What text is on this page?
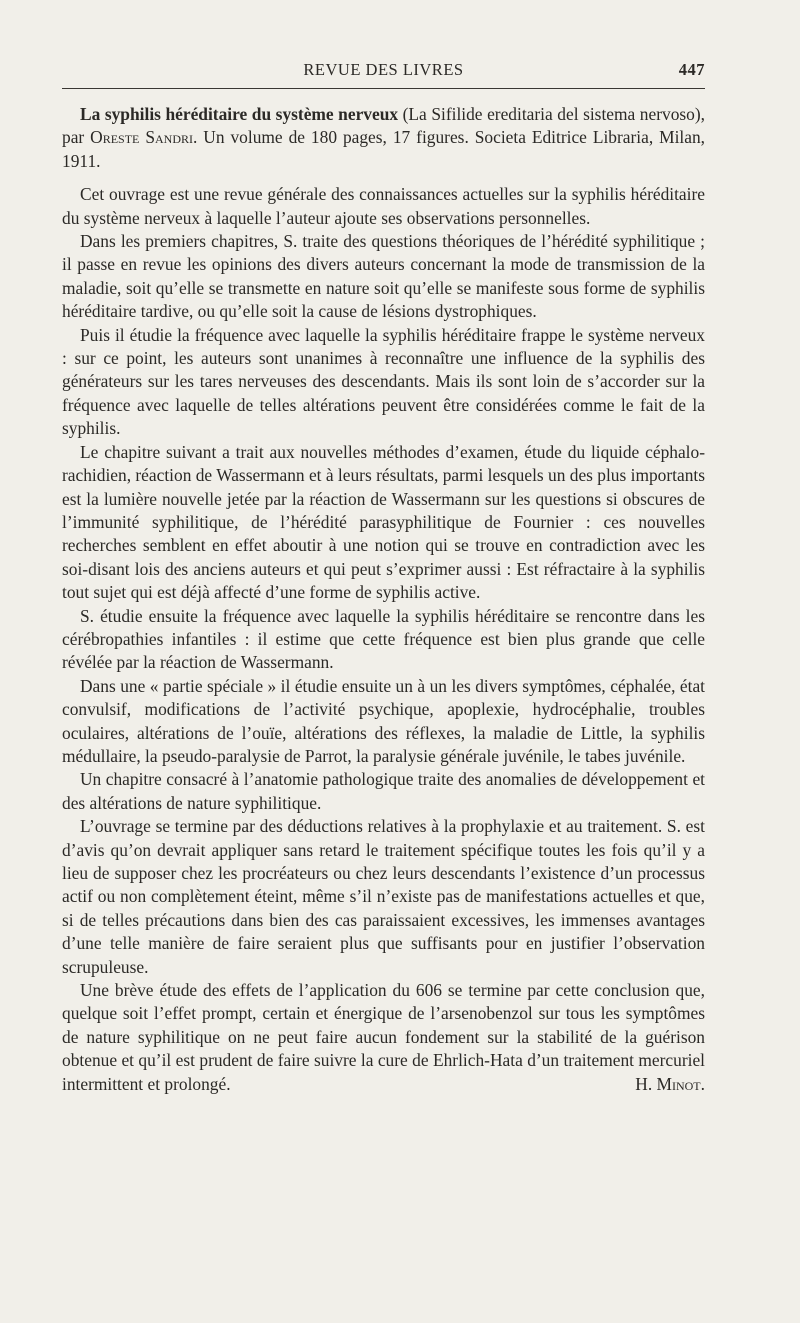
REVUE DES LIVRES	447

La syphilis héréditaire du système nerveux (La Sifilide ereditaria del sistema nervoso), par Oreste Sandri. Un volume de 180 pages, 17 figures. Societa Editrice Libraria, Milan, 1911.

Cet ouvrage est une revue générale des connaissances actuelles sur la syphilis héréditaire du système nerveux à laquelle l’auteur ajoute ses observations personnelles.

Dans les premiers chapitres, S. traite des questions théoriques de l’hérédité syphilitique ; il passe en revue les opinions des divers auteurs concernant la mode de transmission de la maladie, soit qu’elle se transmette en nature soit qu’elle se manifeste sous forme de syphilis héréditaire tardive, ou qu’elle soit la cause de lésions dystrophiques.

Puis il étudie la fréquence avec laquelle la syphilis héréditaire frappe le système nerveux : sur ce point, les auteurs sont unanimes à reconnaître une influence de la syphilis des générateurs sur les tares nerveuses des descendants. Mais ils sont loin de s’accorder sur la fréquence avec laquelle de telles altérations peuvent être considérées comme le fait de la syphilis.

Le chapitre suivant a trait aux nouvelles méthodes d’examen, étude du liquide céphalo-rachidien, réaction de Wassermann et à leurs résultats, parmi lesquels un des plus importants est la lumière nouvelle jetée par la réaction de Wassermann sur les questions si obscures de l’immunité syphilitique, de l’hérédité parasyphilitique de Fournier : ces nouvelles recherches semblent en effet aboutir à une notion qui se trouve en contradiction avec les soi-disant lois des anciens auteurs et qui peut s’exprimer aussi : Est réfractaire à la syphilis tout sujet qui est déjà affecté d’une forme de syphilis active.

S. étudie ensuite la fréquence avec laquelle la syphilis héréditaire se rencontre dans les cérébropathies infantiles : il estime que cette fréquence est bien plus grande que celle révélée par la réaction de Wassermann.

Dans une « partie spéciale » il étudie ensuite un à un les divers symptômes, céphalée, état convulsif, modifications de l’activité psychique, apoplexie, hydrocéphalie, troubles oculaires, altérations de l’ouïe, altérations des réflexes, la maladie de Little, la syphilis médullaire, la pseudo-paralysie de Parrot, la paralysie générale juvénile, le tabes juvénile.

Un chapitre consacré à l’anatomie pathologique traite des anomalies de développement et des altérations de nature syphilitique.

L’ouvrage se termine par des déductions relatives à la prophylaxie et au traitement. S. est d’avis qu’on devrait appliquer sans retard le traitement spécifique toutes les fois qu’il y a lieu de supposer chez les procréateurs ou chez leurs descendants l’existence d’un processus actif ou non complètement éteint, même s’il n’existe pas de manifestations actuelles et que, si de telles précautions dans bien des cas paraissaient excessives, les immenses avantages d’une telle manière de faire seraient plus que suffisants pour en justifier l’observation scrupuleuse.

Une brève étude des effets de l’application du 606 se termine par cette conclusion que, quelque soit l’effet prompt, certain et énergique de l’arsenobenzol sur tous les symptômes de nature syphilitique on ne peut faire aucun fondement sur la stabilité de la guérison obtenue et qu’il est prudent de faire suivre la cure de Ehrlich-Hata d’un traitement mercuriel intermittent et prolongé.	H. Minot.
